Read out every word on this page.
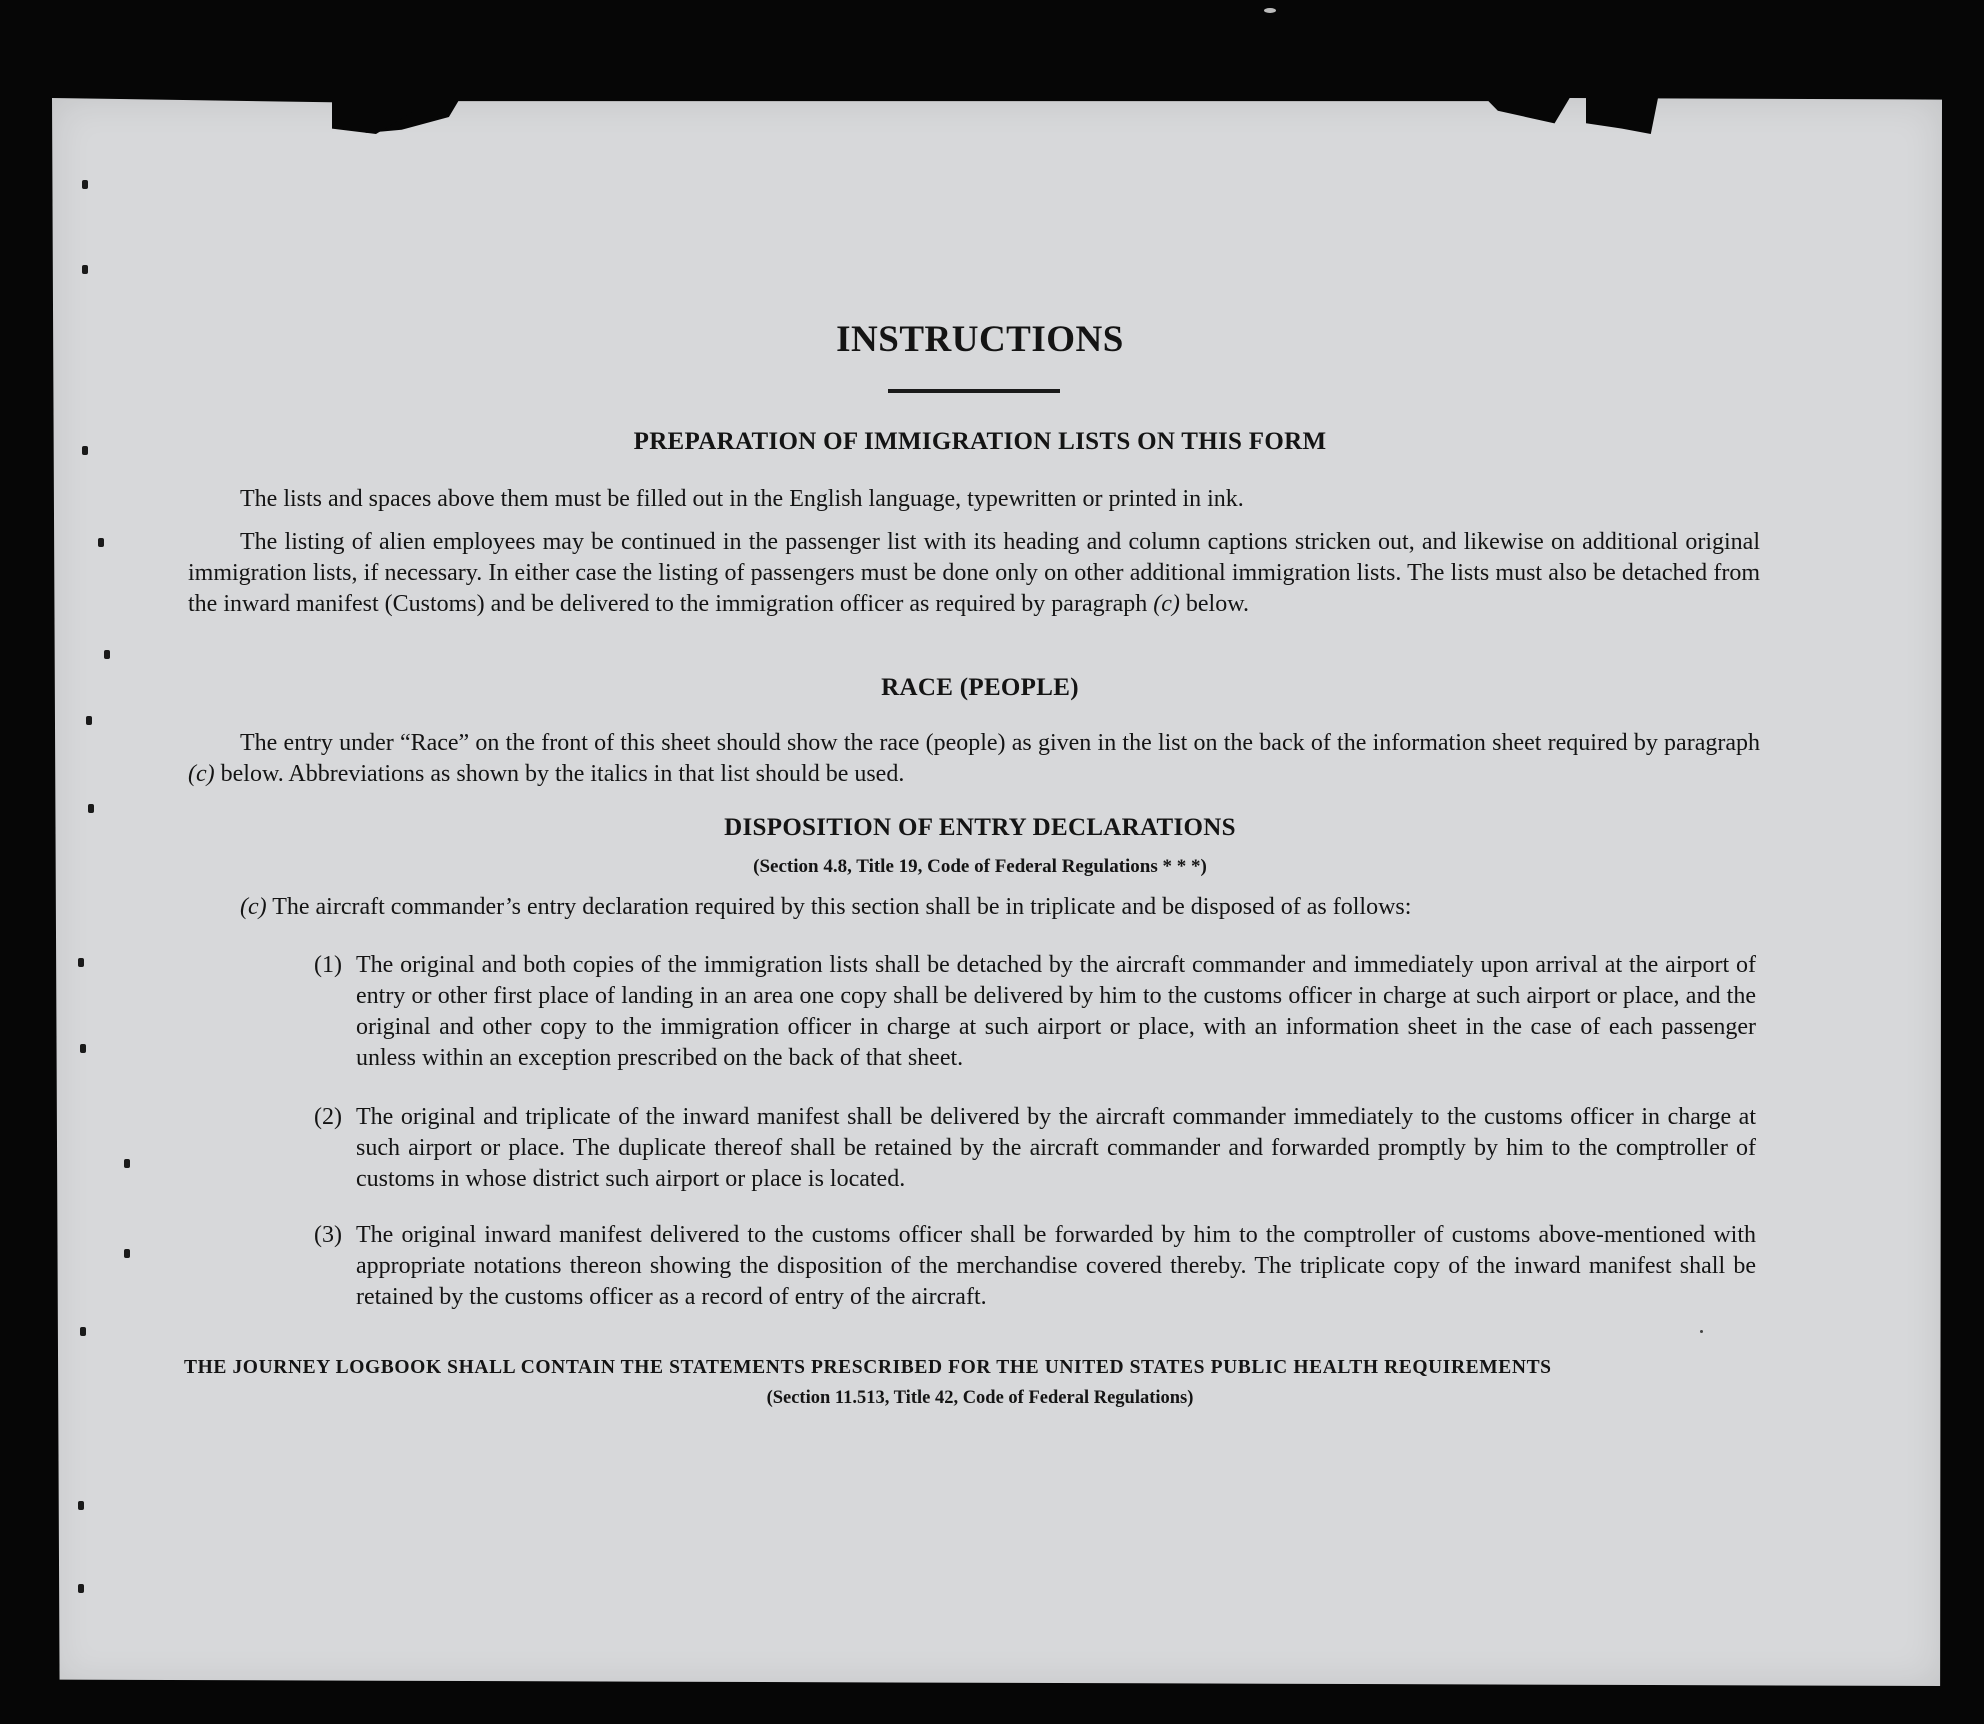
INSTRUCTIONS
PREPARATION OF IMMIGRATION LISTS ON THIS FORM

The lists and spaces above them must be filled out in the English language, typewritten or printed in ink.

The listing of alien employees may be continued in the passenger list with its heading and column captions stricken out, and likewise on additional original immigration lists, if necessary. In either case the listing of passengers must be done only on other additional immigration lists. The lists must also be detached from the inward manifest (Customs) and be delivered to the immigration officer as required by paragraph (c) below.

RACE (PEOPLE)

The entry under “Race” on the front of this sheet should show the race (people) as given in the list on the back of the information sheet required by paragraph (c) below. Abbreviations as shown by the italics in that list should be used.

DISPOSITION OF ENTRY DECLARATIONS
(Section 4.8, Title 19, Code of Federal Regulations * * *)

(c) The aircraft commander’s entry declaration required by this section shall be in triplicate and be disposed of as follows:

(1) The original and both copies of the immigration lists shall be detached by the aircraft commander and immediately upon arrival at the airport of entry or other first place of landing in an area one copy shall be delivered by him to the customs officer in charge at such airport or place, and the original and other copy to the immigration officer in charge at such airport or place, with an information sheet in the case of each passenger unless within an exception prescribed on the back of that sheet.

(2) The original and triplicate of the inward manifest shall be delivered by the aircraft commander immediately to the customs officer in charge at such airport or place. The duplicate thereof shall be retained by the aircraft commander and forwarded promptly by him to the comptroller of customs in whose district such airport or place is located.

(3) The original inward manifest delivered to the customs officer shall be forwarded by him to the comptroller of customs above-mentioned with appropriate notations thereon showing the disposition of the merchandise covered thereby. The triplicate copy of the inward manifest shall be retained by the customs officer as a record of entry of the aircraft.

THE JOURNEY LOGBOOK SHALL CONTAIN THE STATEMENTS PRESCRIBED FOR THE UNITED STATES PUBLIC HEALTH REQUIREMENTS
(Section 11.513, Title 42, Code of Federal Regulations)
